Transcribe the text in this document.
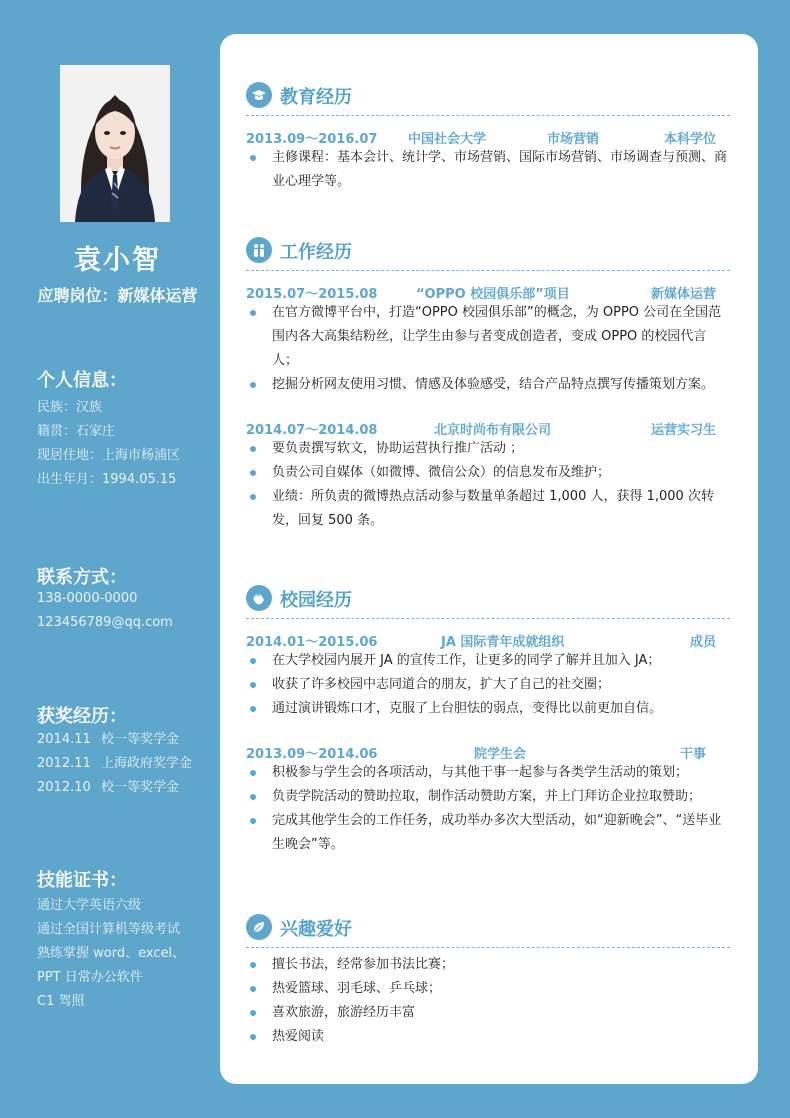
袁小智
应聘岗位：新媒体运营
个人信息：
民族：汉族
籍贯：石家庄
现居住地：上海市杨浦区
出生年月：1994.05.15
联系方式：
138-0000-0000
123456789@qq.com
获奖经历：
2014.11 校一等奖学金
2012.11 上海政府奖学金
2012.10 校一等奖学金
技能证书：
通过大学英语六级
通过全国计算机等级考试
熟练掌握 word、excel、
PPT 日常办公软件
C1 驾照
教育经历
2013.09～2016.07 中国社会大学	市场营销	本科学位
主修课程：基本会计、统计学、市场营销、国际市场营销、市场调查与预测、商业心理学等。
工作经历
2015.07～2015.08	“OPPO 校园俱乐部”项目	新媒体运营
在官方微博平台中，打造“OPPO 校园俱乐部”的概念，为 OPPO 公司在全国范围内各大高集结粉丝，让学生由参与者变成创造者，变成 OPPO 的校园代言人；
挖掘分析网友使用习惯、情感及体验感受，结合产品特点撰写传播策划方案。
2014.07～2014.08	北京时尚布有限公司	运营实习生
要负责撰写软文，协助运营执行推广活动 ；
负责公司自媒体（如微博、微信公众）的信息发布及维护；
业绩：所负责的微博热点活动参与数量单条超过 1,000 人，获得 1,000 次转发，回复 500 条。
校园经历
2014.01～2015.06	JA 国际青年成就组织	成员
在大学校园内展开 JA 的宣传工作，让更多的同学了解并且加入 JA；
收获了许多校园中志同道合的朋友，扩大了自己的社交圈；
通过演讲锻炼口才，克服了上台胆怯的弱点，变得比以前更加自信。
2013.09～2014.06	院学生会	干事
积极参与学生会的各项活动，与其他干事一起参与各类学生活动的策划；
负责学院活动的赞助拉取，制作活动赞助方案，并上门拜访企业拉取赞助；
完成其他学生会的工作任务，成功举办多次大型活动，如“迎新晚会”、“送毕业生晚会”等。
兴趣爱好
擅长书法，经常参加书法比赛；
热爱篮球、羽毛球、乒乓球；
喜欢旅游，旅游经历丰富
热爱阅读
